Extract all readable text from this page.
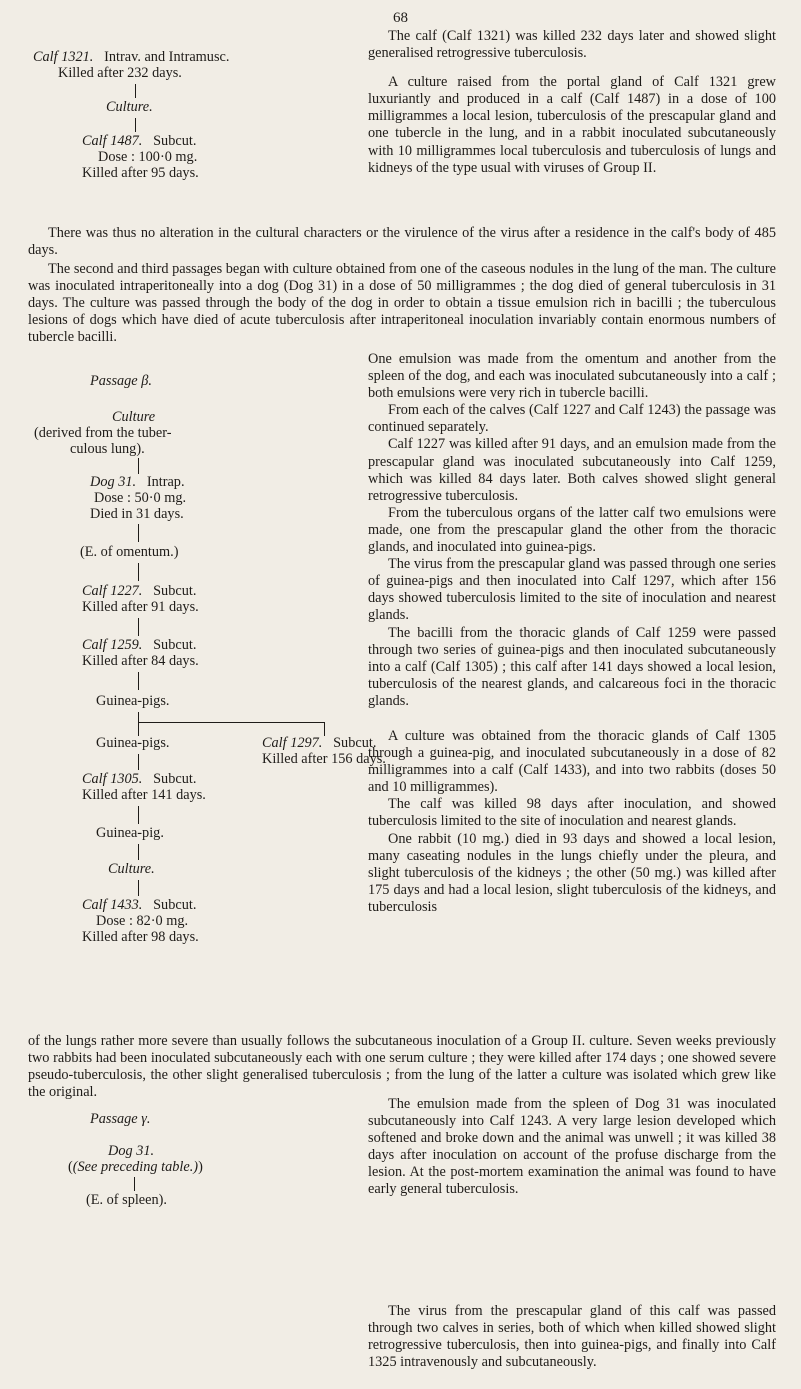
68
Calf 1321. Intrav. and Intramusc.
Killed after 232 days.
Culture.
Calf 1487. Subcut.
Dose : 100·0 mg.
Killed after 95 days.

The calf (Calf 1321) was killed 232 days later and showed slight generalised retrogressive tuberculosis.

A culture raised from the portal gland of Calf 1321 grew luxuriantly and produced in a calf (Calf 1487) in a dose of 100 milligrammes a local lesion, tuberculosis of the prescapular gland and one tubercle in the lung, and in a rabbit inoculated subcutaneously with 10 milligrammes local tuberculosis and tuberculosis of lungs and kidneys of the type usual with viruses of Group II.

There was thus no alteration in the cultural characters or the virulence of the virus after a residence in the calf's body of 485 days.

The second and third passages began with culture obtained from one of the caseous nodules in the lung of the man. The culture was inoculated intraperitoneally into a dog (Dog 31) in a dose of 50 milligrammes ; the dog died of general tuberculosis in 31 days. The culture was passed through the body of the dog in order to obtain a tissue emulsion rich in bacilli ; the tuberculous lesions of dogs which have died of acute tuberculosis after intraperitoneal inoculation invariably contain enormous numbers of tubercle bacilli.

Passage β.
Culture
(derived from the tuber-
culous lung).
Dog 31. Intrap.
Dose : 50·0 mg.
Died in 31 days.
(E. of omentum.)
Calf 1227. Subcut.
Killed after 91 days.
Calf 1259. Subcut.
Killed after 84 days.
Guinea-pigs.
Guinea-pigs.	Calf 1297. Subcut.
Killed after 156 days.
Calf 1305. Subcut.
Killed after 141 days.
Guinea-pig.
Culture.
Calf 1433. Subcut.
Dose : 82·0 mg.
Killed after 98 days.

One emulsion was made from the omentum and another from the spleen of the dog, and each was inoculated subcutaneously into a calf ; both emulsions were very rich in tubercle bacilli.

From each of the calves (Calf 1227 and Calf 1243) the passage was continued separately.

Calf 1227 was killed after 91 days, and an emulsion made from the prescapular gland was inoculated subcutaneously into Calf 1259, which was killed 84 days later. Both calves showed slight general retrogressive tuberculosis.

From the tuberculous organs of the latter calf two emulsions were made, one from the prescapular gland the other from the thoracic glands, and inoculated into guinea-pigs.

The virus from the prescapular gland was passed through one series of guinea-pigs and then inoculated into Calf 1297, which after 156 days showed tuberculosis limited to the site of inoculation and nearest glands.

The bacilli from the thoracic glands of Calf 1259 were passed through two series of guinea-pigs and then inoculated subcutaneously into a calf (Calf 1305) ; this calf after 141 days showed a local lesion, tuberculosis of the nearest glands, and calcareous foci in the thoracic glands.

A culture was obtained from the thoracic glands of Calf 1305 through a guinea-pig, and inoculated subcutaneously in a dose of 82 milligrammes into a calf (Calf 1433), and into two rabbits (doses 50 and 10 milligrammes).

The calf was killed 98 days after inoculation, and showed tuberculosis limited to the site of inoculation and nearest glands.

One rabbit (10 mg.) died in 93 days and showed a local lesion, many caseating nodules in the lungs chiefly under the pleura, and slight tuberculosis of the kidneys ; the other (50 mg.) was killed after 175 days and had a local lesion, slight tuberculosis of the kidneys, and tuberculosis

of the lungs rather more severe than usually follows the subcutaneous inoculation of a Group II. culture. Seven weeks previously two rabbits had been inoculated subcutaneously each with one serum culture ; they were killed after 174 days ; one showed severe pseudo-tuberculosis, the other slight generalised tuberculosis ; from the lung of the latter a culture was isolated which grew like the original.

Passage γ.
Dog 31.
((See preceding table.))
(E. of spleen).

The emulsion made from the spleen of Dog 31 was inoculated subcutaneously into Calf 1243. A very large lesion developed which softened and broke down and the animal was unwell ; it was killed 38 days after inoculation on account of the profuse discharge from the lesion. At the post-mortem examination the animal was found to have early general tuberculosis.

The virus from the prescapular gland of this calf was passed through two calves in series, both of which when killed showed slight retrogressive tuberculosis, then into guinea-pigs, and finally into Calf 1325 intravenously and subcutaneously.
